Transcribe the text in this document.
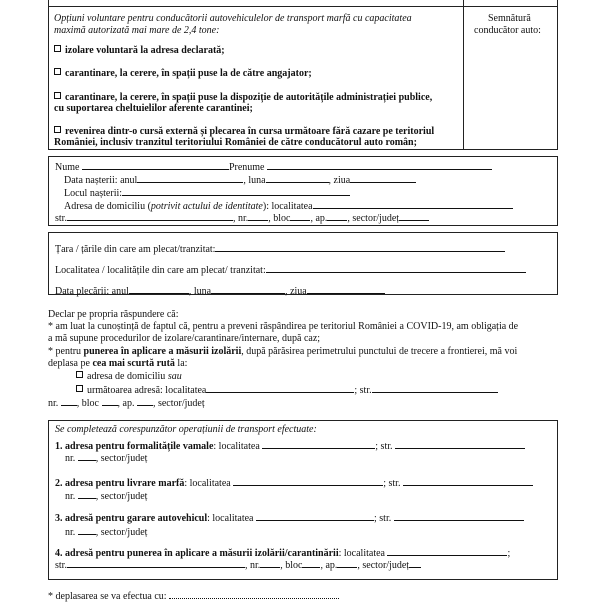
Opțiuni voluntare pentru conducătorii autovehiculelor de transport marfă cu capacitatea
maximă autorizată mai mare de 2,4 tone:
izolare voluntară la adresa declarată;
carantinare, la cerere, în spații puse la de către angajator;
carantinare, la cerere, în spații puse la dispoziție de autoritățile administrației publice,
cu suportarea cheltuielilor aferente carantinei;
revenirea dintr-o cursă externă și plecarea în cursa următoare fără cazare pe teritoriul
României, inclusiv tranzitul teritoriului României de către conducătorul auto român;
Semnătură
conducător auto:
Nume	Prenume
Data nașterii: anul	, luna	, ziua
Locul nașterii:
Adresa de domiciliu (potrivit actului de identitate): localitatea
str.	, nr. , bloc , ap. , sector/județ
Țara / țările din care am plecat/tranzitat:
Localitatea / localitățile din care am plecat/ tranzitat:
Data plecării: anul	, luna	, ziua
Declar pe propria răspundere că:
* am luat la cunoștință de faptul că, pentru a preveni răspândirea pe teritoriul României a COVID-19, am obligația de
a mă supune procedurilor de izolare/carantinare/internare, după caz;
* pentru punerea în aplicare a măsurii izolării, după părăsirea perimetrului punctului de trecere a frontierei, mă voi
deplasa pe cea mai scurtă rută la:
adresa de domiciliu sau
următoarea adresă: localitatea	; str.
nr. , bloc , ap. , sector/județ
Se completează corespunzător operațiunii de transport efectuate:
1. adresa pentru formalitățile vamale: localitatea	; str.
nr. , sector/județ
2. adresa pentru livrare marfă: localitatea	; str.
nr. , sector/județ
3. adresă pentru garare autovehicul: localitatea	; str.
nr. , sector/județ
4. adresă pentru punerea în aplicare a măsurii izolării/carantinării: localitatea	;
str.	, nr. , bloc , ap. , sector/județ
* deplasarea se va efectua cu:
